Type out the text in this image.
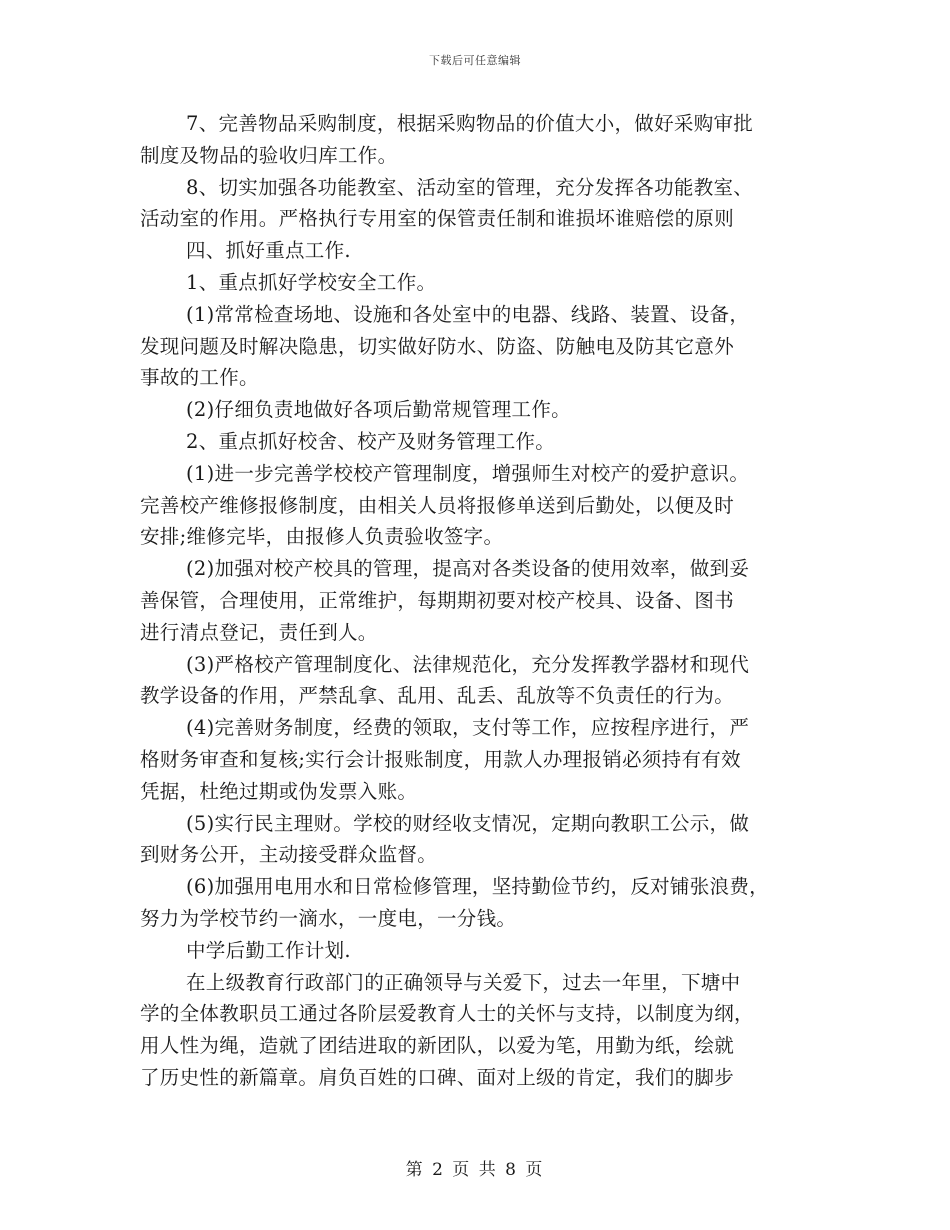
下载后可任意编辑
7、完善物品采购制度，根据采购物品的价值大小，做好采购审批
制度及物品的验收归库工作。
8、切实加强各功能教室、活动室的管理，充分发挥各功能教室、
活动室的作用。严格执行专用室的保管责任制和谁损坏谁赔偿的原则
四、抓好重点工作.
1、重点抓好学校安全工作。
(1)常常检查场地、设施和各处室中的电器、线路、装置、设备，
发现问题及时解决隐患，切实做好防水、防盗、防触电及防其它意外
事故的工作。
(2)仔细负责地做好各项后勤常规管理工作。
2、重点抓好校舍、校产及财务管理工作。
(1)进一步完善学校校产管理制度，增强师生对校产的爱护意识。
完善校产维修报修制度，由相关人员将报修单送到后勤处，以便及时
安排;维修完毕，由报修人负责验收签字。
(2)加强对校产校具的管理，提高对各类设备的使用效率，做到妥
善保管，合理使用，正常维护，每期期初要对校产校具、设备、图书
进行清点登记，责任到人。
(3)严格校产管理制度化、法律规范化，充分发挥教学器材和现代
教学设备的作用，严禁乱拿、乱用、乱丢、乱放等不负责任的行为。
(4)完善财务制度，经费的领取，支付等工作，应按程序进行，严
格财务审查和复核;实行会计报账制度，用款人办理报销必须持有有效
凭据，杜绝过期或伪发票入账。
(5)实行民主理财。学校的财经收支情况，定期向教职工公示，做
到财务公开，主动接受群众监督。
(6)加强用电用水和日常检修管理，坚持勤俭节约，反对铺张浪费，
努力为学校节约一滴水，一度电，一分钱。
中学后勤工作计划.
在上级教育行政部门的正确领导与关爱下，过去一年里，下塘中
学的全体教职员工通过各阶层爱教育人士的关怀与支持，以制度为纲，
用人性为绳，造就了团结进取的新团队，以爱为笔，用勤为纸，绘就
了历史性的新篇章。肩负百姓的口碑、面对上级的肯定，我们的脚步
第 2 页 共 8 页
